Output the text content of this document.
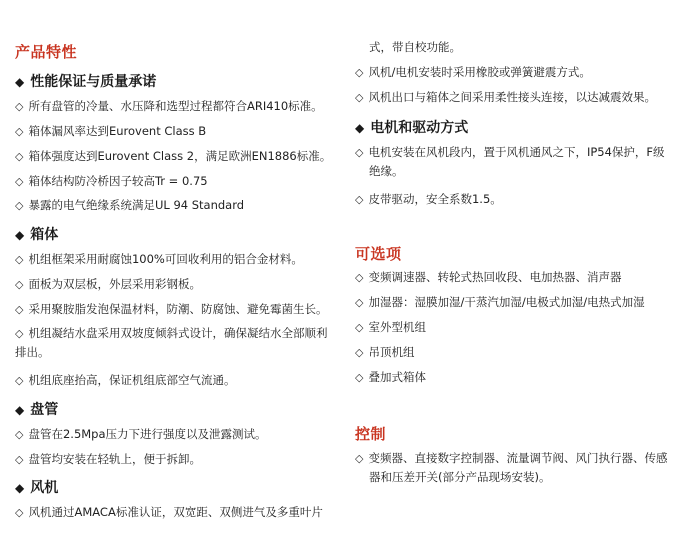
产品特性
◆ 性能保证与质量承诺
◇ 所有盘管的冷量、水压降和选型过程都符合ARI410标准。
◇ 箱体漏风率达到Eurovent Class B
◇ 箱体强度达到Eurovent Class 2，满足欧洲EN1886标准。
◇ 箱体结构防冷桥因子较高Tr = 0.75
◇ 暴露的电气绝缘系统满足UL 94 Standard
◆ 箱体
◇ 机组框架采用耐腐蚀100%可回收利用的铝合金材料。
◇ 面板为双层板，外层采用彩钢板。
◇ 采用聚胺脂发泡保温材料，防潮、防腐蚀、避免霉菌生长。
◇ 机组凝结水盘采用双坡度倾斜式设计，确保凝结水全部顺利
排出。
◇ 机组底座抬高，保证机组底部空气流通。
◆ 盘管
◇ 盘管在2.5Mpa压力下进行强度以及泄露测试。
◇ 盘管均安装在轻轨上，便于拆卸。
◆ 风机
◇ 风机通过AMACA标准认证，双宽距、双侧进气及多重叶片
式，带自校功能。
◇ 风机/电机安装时采用橡胶或弹簧避震方式。
◇ 风机出口与箱体之间采用柔性接头连接，以达减震效果。
◆ 电机和驱动方式
◇ 电机安装在风机段内，置于风机通风之下，IP54保护，F级
绝缘。
◇ 皮带驱动，安全系数1.5。
可选项
◇ 变频调速器、转轮式热回收段、电加热器、消声器
◇ 加湿器：湿膜加湿/干蒸汽加湿/电极式加湿/电热式加湿
◇ 室外型机组
◇ 吊顶机组
◇ 叠加式箱体
控制
◇ 变频器、直接数字控制器、流量调节阀、风门执行器、传感
器和压差开关(部分产品现场安装)。
